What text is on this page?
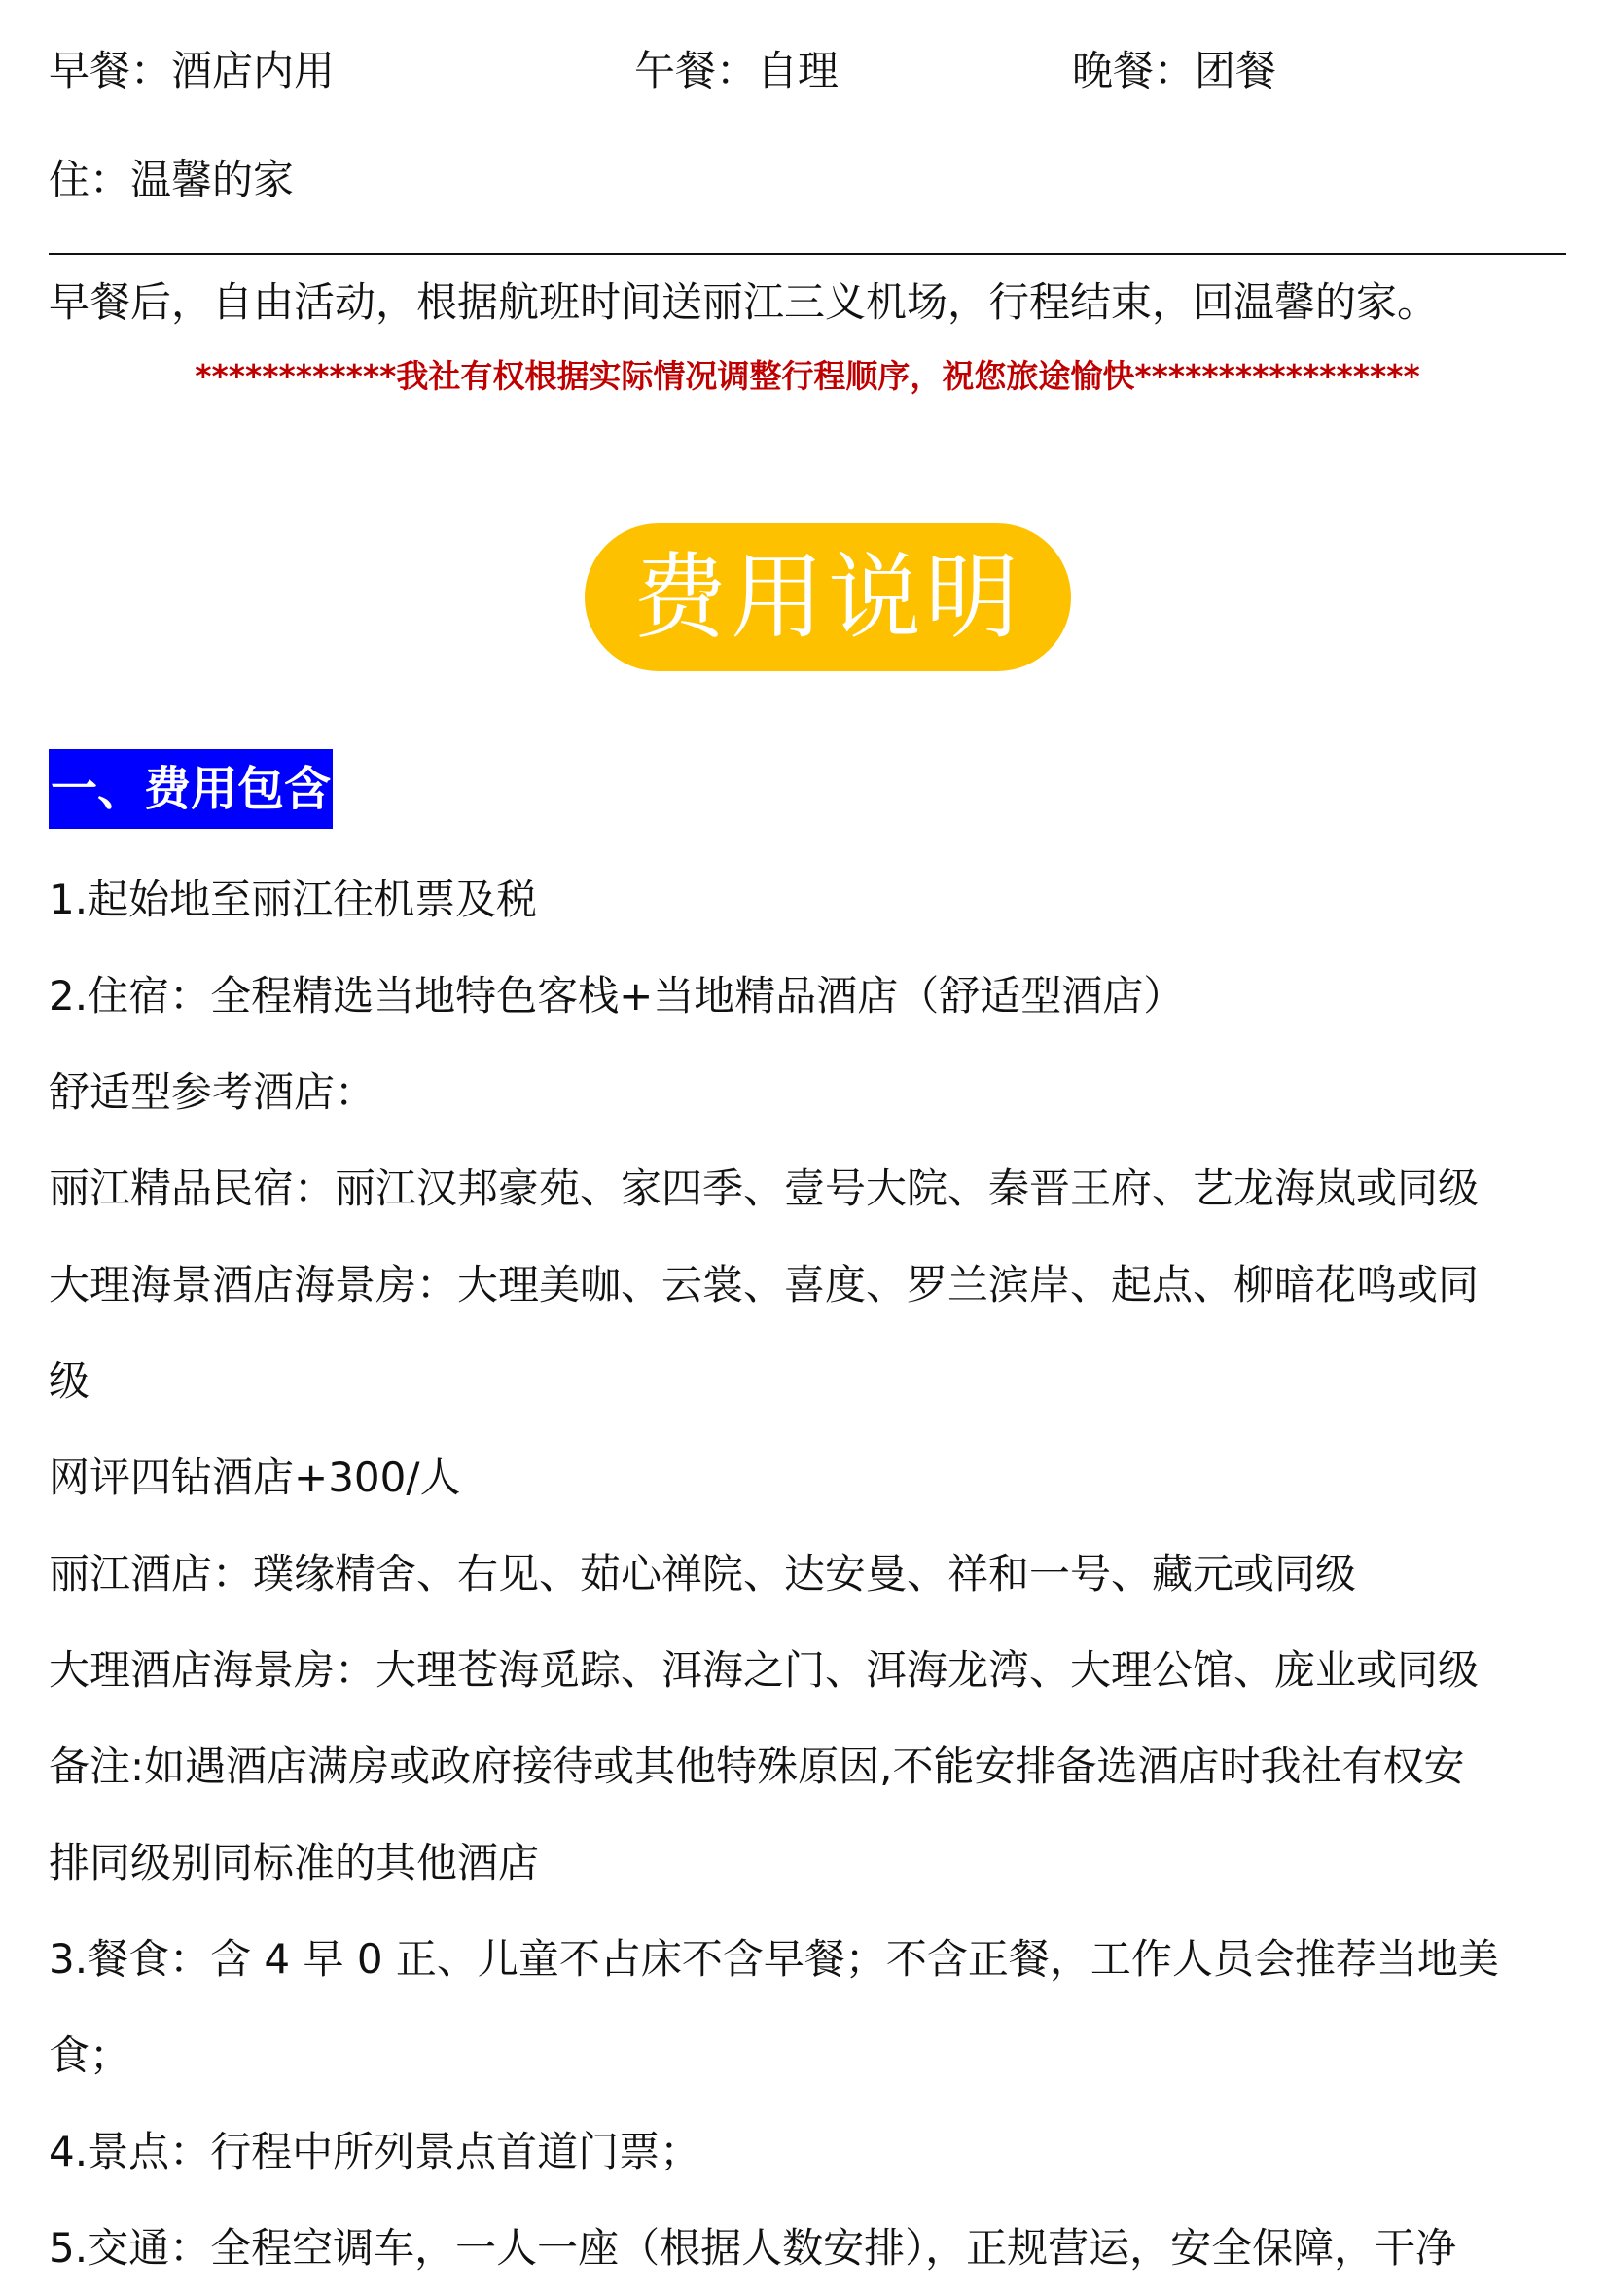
早餐：酒店内用	午餐：自理	晚餐：团餐
住：温馨的家
早餐后，自由活动，根据航班时间送丽江三义机场，行程结束，回温馨的家。
************我社有权根据实际情况调整行程顺序，祝您旅途愉快*****************
费用说明
一、费用包含
1.起始地至丽江往机票及税
2.住宿：全程精选当地特色客栈+当地精品酒店（舒适型酒店）
舒适型参考酒店：
丽江精品民宿：丽江汉邦豪苑、家四季、壹号大院、秦晋王府、艺龙海岚或同级
大理海景酒店海景房：大理美咖、云裳、喜度、罗兰滨岸、起点、柳暗花鸣或同
级
网评四钻酒店+300/人
丽江酒店：璞缘精舍、右见、茹心禅院、达安曼、祥和一号、藏元或同级
大理酒店海景房：大理苍海觅踪、洱海之门、洱海龙湾、大理公馆、庞业或同级
备注:如遇酒店满房或政府接待或其他特殊原因,不能安排备选酒店时我社有权安
排同级别同标准的其他酒店
3.餐食：含 4 早 0 正、儿童不占床不含早餐；不含正餐，工作人员会推荐当地美
食；
4.景点：行程中所列景点首道门票；
5.交通：全程空调车，一人一座（根据人数安排），正规营运，安全保障，干净
